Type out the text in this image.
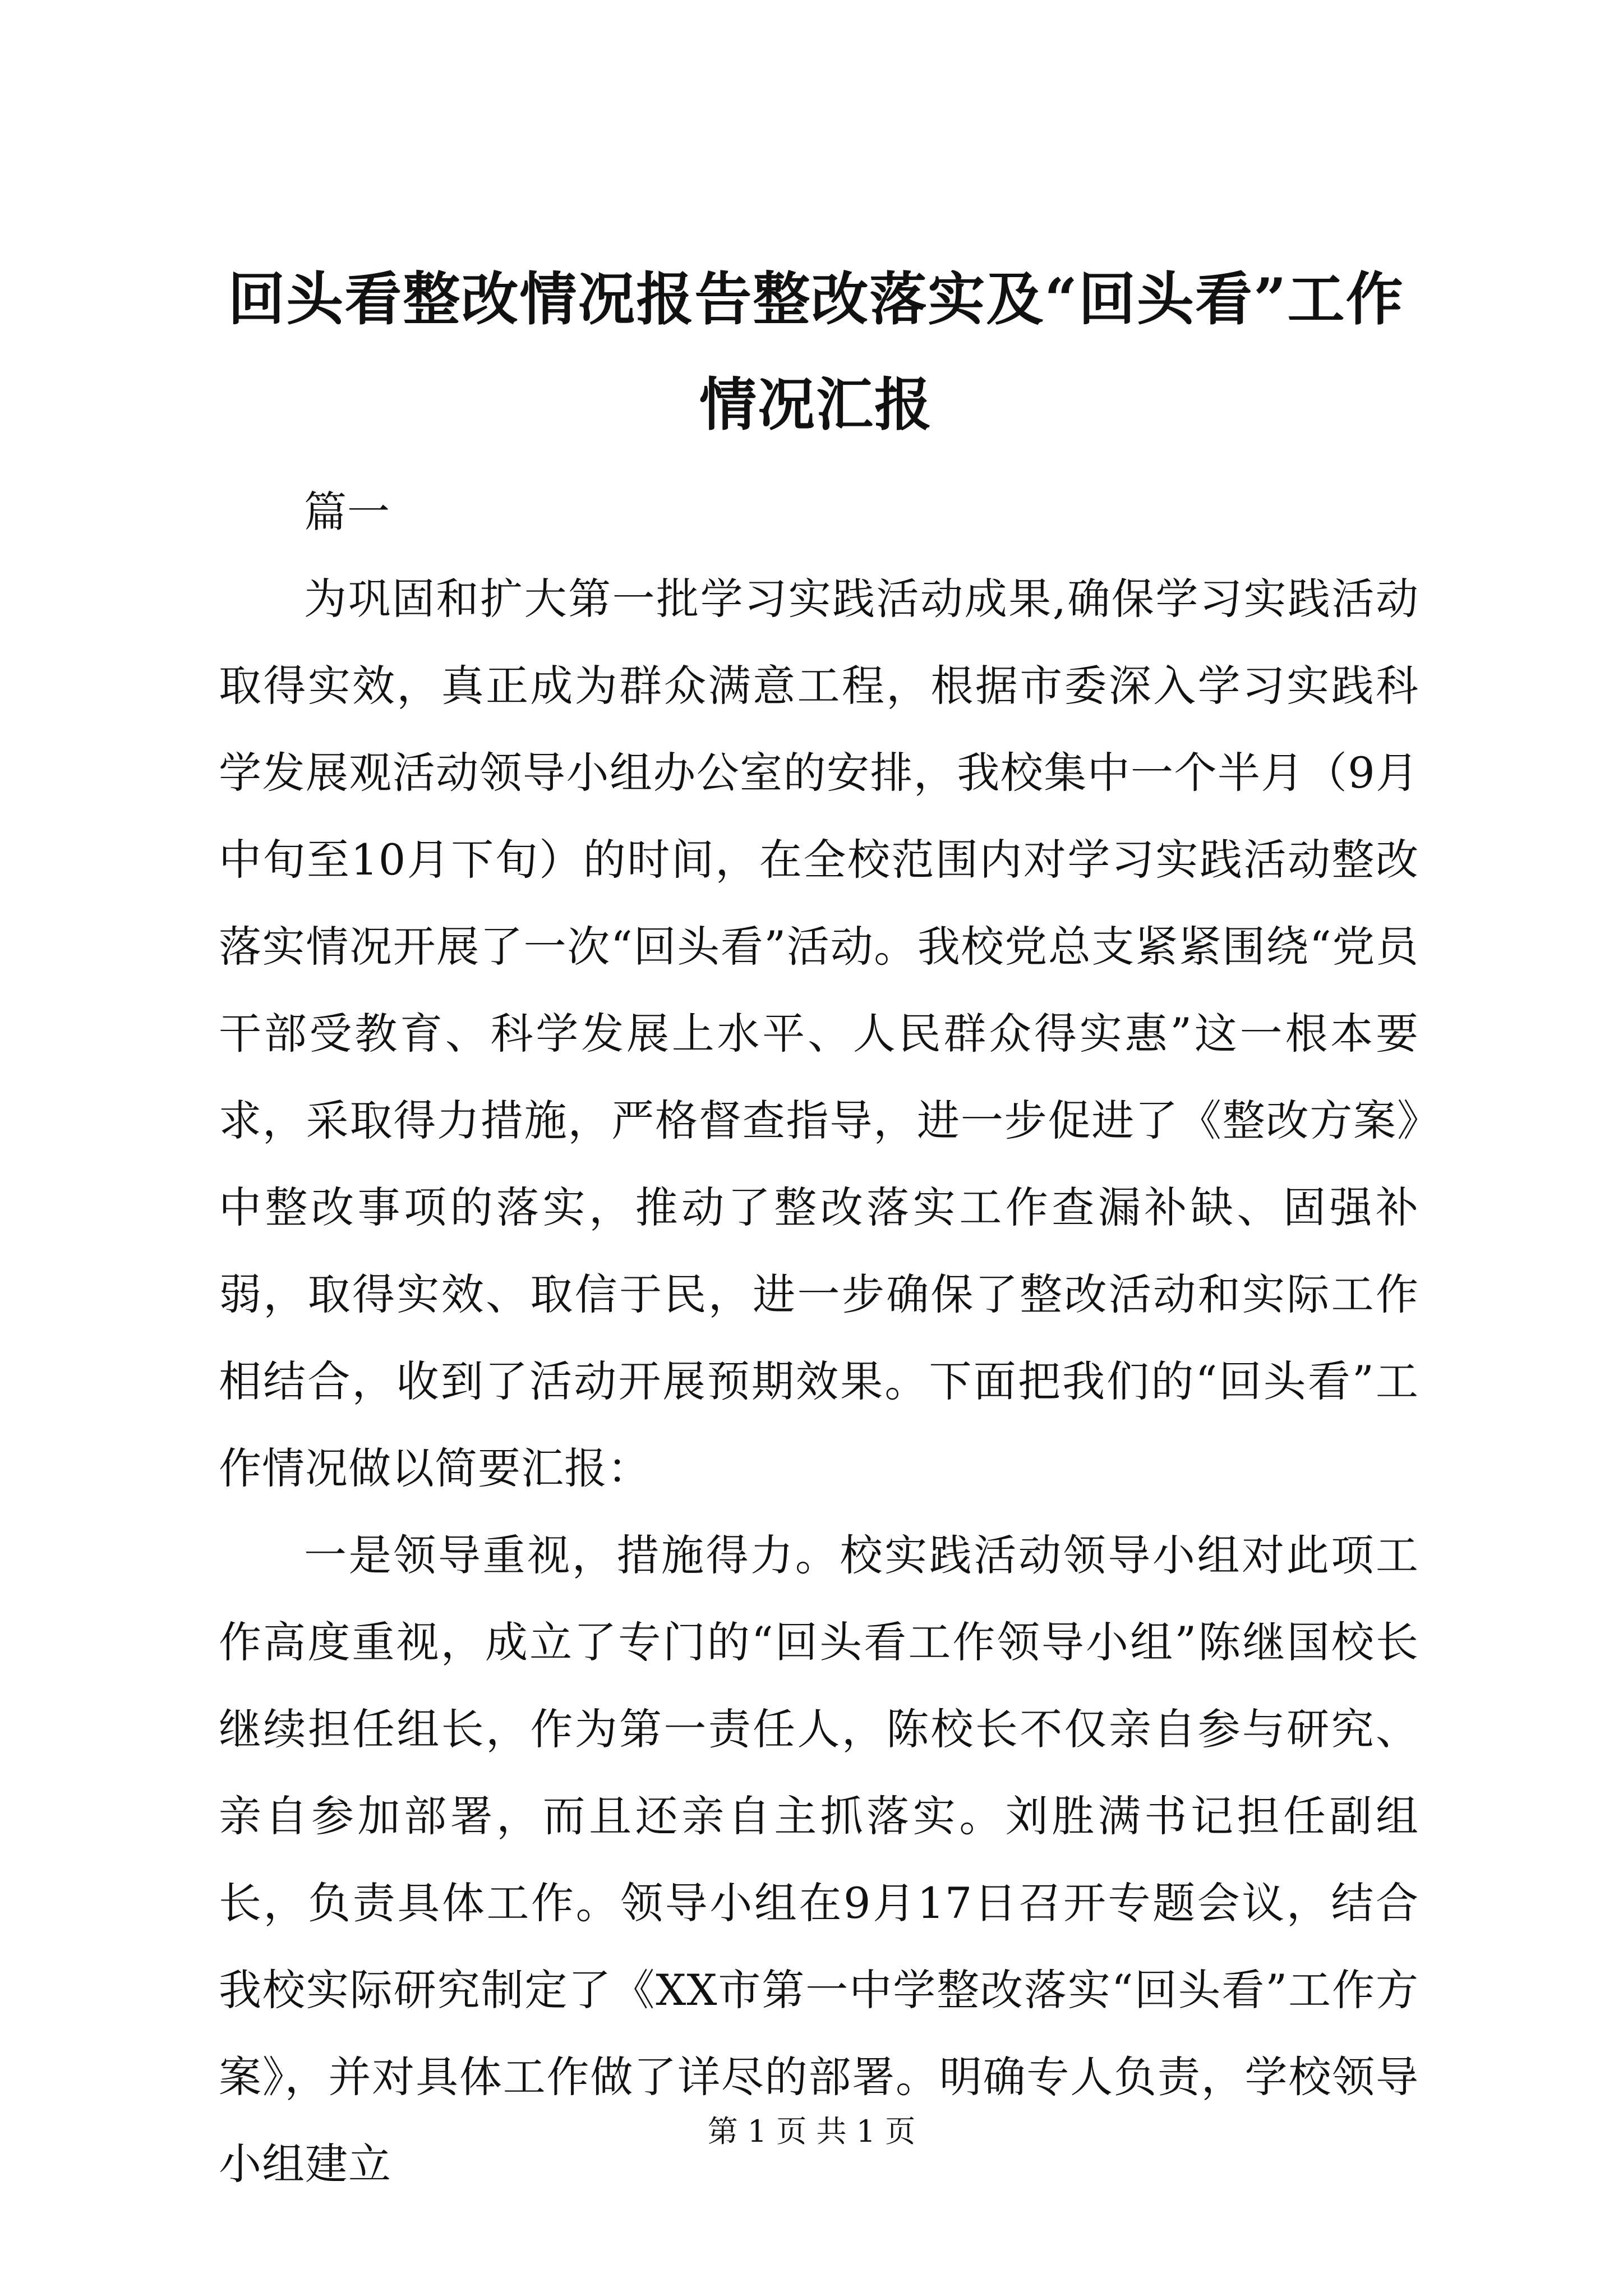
回头看整改情况报告整改落实及“回头看”工作情况汇报

篇一

为巩固和扩大第一批学习实践活动成果,确保学习实践活动取得实效，真正成为群众满意工程，根据市委深入学习实践科学发展观活动领导小组办公室的安排，我校集中一个半月（9月中旬至10月下旬）的时间，在全校范围内对学习实践活动整改落实情况开展了一次“回头看”活动。我校党总支紧紧围绕“党员干部受教育、科学发展上水平、人民群众得实惠”这一根本要求，采取得力措施，严格督查指导，进一步促进了《整改方案》中整改事项的落实，推动了整改落实工作查漏补缺、固强补弱，取得实效、取信于民，进一步确保了整改活动和实际工作相结合，收到了活动开展预期效果。下面把我们的“回头看”工作情况做以简要汇报：

一是领导重视，措施得力。校实践活动领导小组对此项工作高度重视，成立了专门的“回头看工作领导小组”陈继国校长继续担任组长，作为第一责任人，陈校长不仅亲自参与研究、亲自参加部署，而且还亲自主抓落实。刘胜满书记担任副组长，负责具体工作。领导小组在9月17日召开专题会议，结合我校实际研究制定了《XX市第一中学整改落实“回头看”工作方案》，并对具体工作做了详尽的部署。明确专人负责，学校领导小组建立

第 1 页 共 1 页
